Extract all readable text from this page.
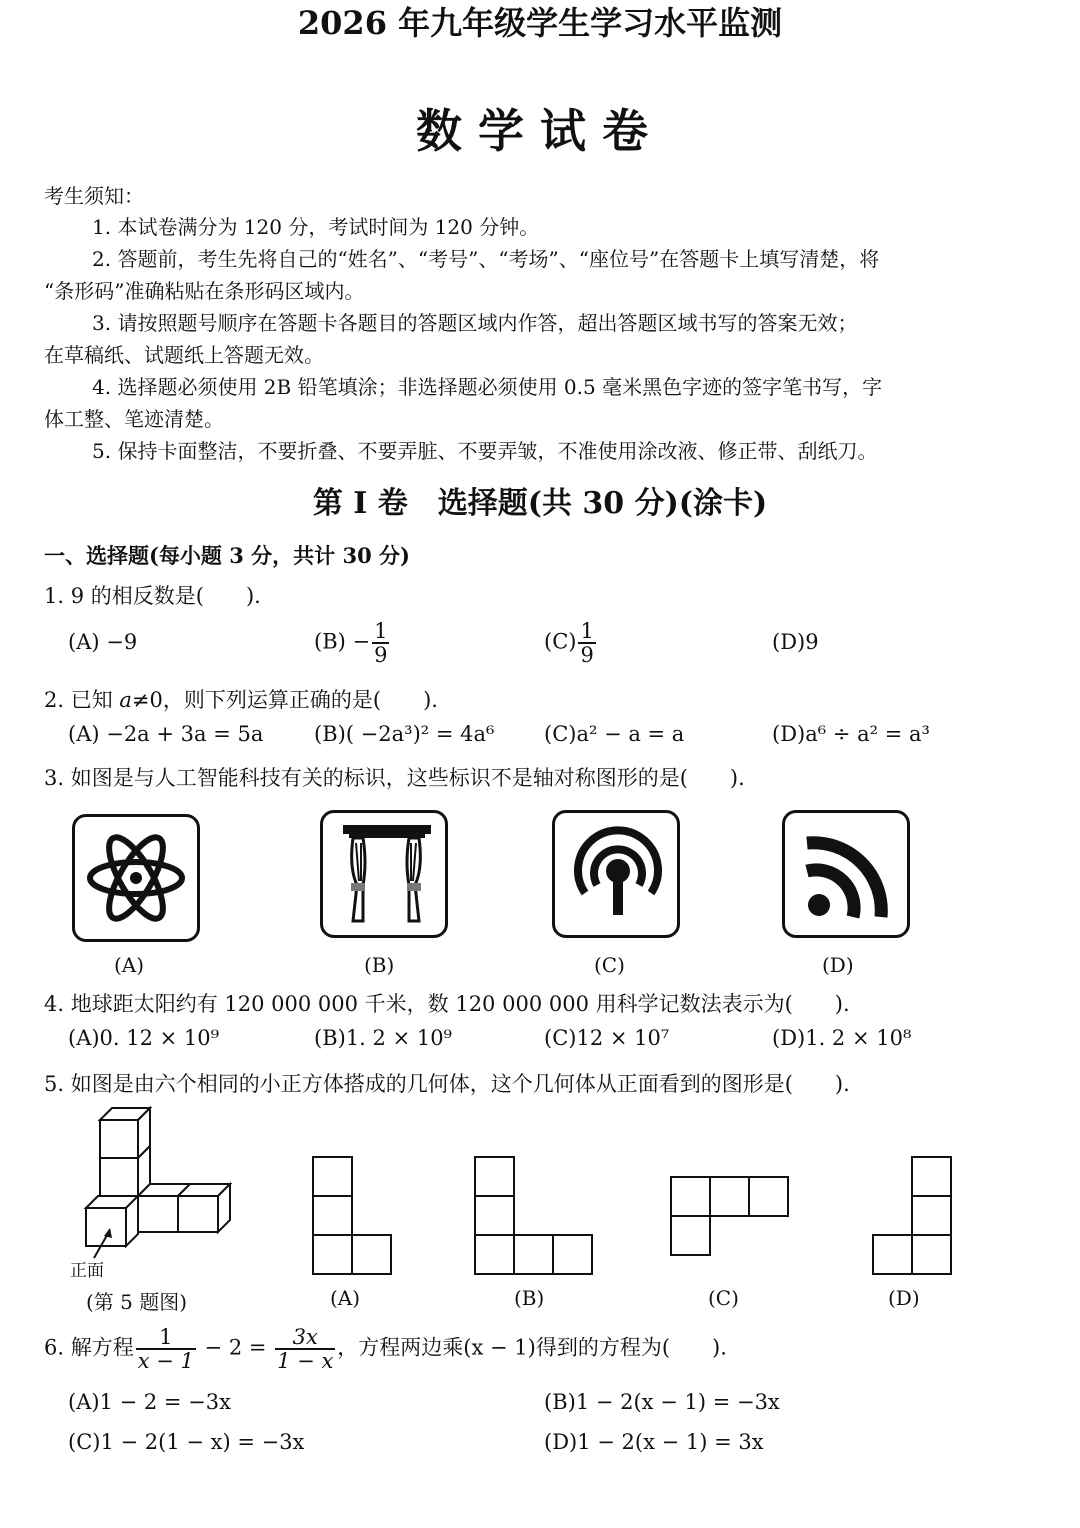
2026 年九年级学生学习水平监测
数学试卷
考生须知：
1. 本试卷满分为 120 分，考试时间为 120 分钟。
2. 答题前，考生先将自己的“姓名”、“考号”、“考场”、“座位号”在答题卡上填写清楚，将
“条形码”准确粘贴在条形码区域内。
3. 请按照题号顺序在答题卡各题目的答题区域内作答，超出答题区域书写的答案无效；
在草稿纸、试题纸上答题无效。
4. 选择题必须使用 2B 铅笔填涂；非选择题必须使用 0.5 毫米黑色字迹的签字笔书写，字
体工整、笔迹清楚。
5. 保持卡面整洁，不要折叠、不要弄脏、不要弄皱，不准使用涂改液、修正带、刮纸刀。
第 I 卷　选择题(共 30 分)(涂卡)
一、选择题(每小题 3 分，共计 30 分)
1. 9 的相反数是(　　).
(A) −9	$(B) - \frac{1}{9}$	$(C) \frac{1}{9}$	(D)9
2. 已知 a≠0，则下列运算正确的是(　　).
(A) −2a + 3a = 5a (B)( −2a³)² = 4a⁶ (C)a² − a = a	(D)a⁶ ÷ a² = a³
3. 如图是与人工智能科技有关的标识，这些标识不是轴对称图形的是(　　).
(A)	(B)	(C)	(D)
4. 地球距太阳约有 120 000 000 千米，数 120 000 000 用科学记数法表示为(　　).
(A)0. 12 × 10⁹	(B)1. 2 × 10⁹	(C)12 × 10⁷	(D)1. 2 × 10⁸
5. 如图是由六个相同的小正方体搭成的几何体，这个几何体从正面看到的图形是(　　).
正面
(第 5 题图)	(A)	(B)	(C)	(D)
6. 解方程 $\frac{1}{x - 1} - 2 = \frac{3x}{1 - x}$ ，方程两边乘(x − 1)得到的方程为(　　).
(A)1 − 2 = −3x	(B)1 − 2(x − 1) = −3x
(C)1 − 2(1 − x) = −3x	(D)1 − 2(x − 1) = 3x
